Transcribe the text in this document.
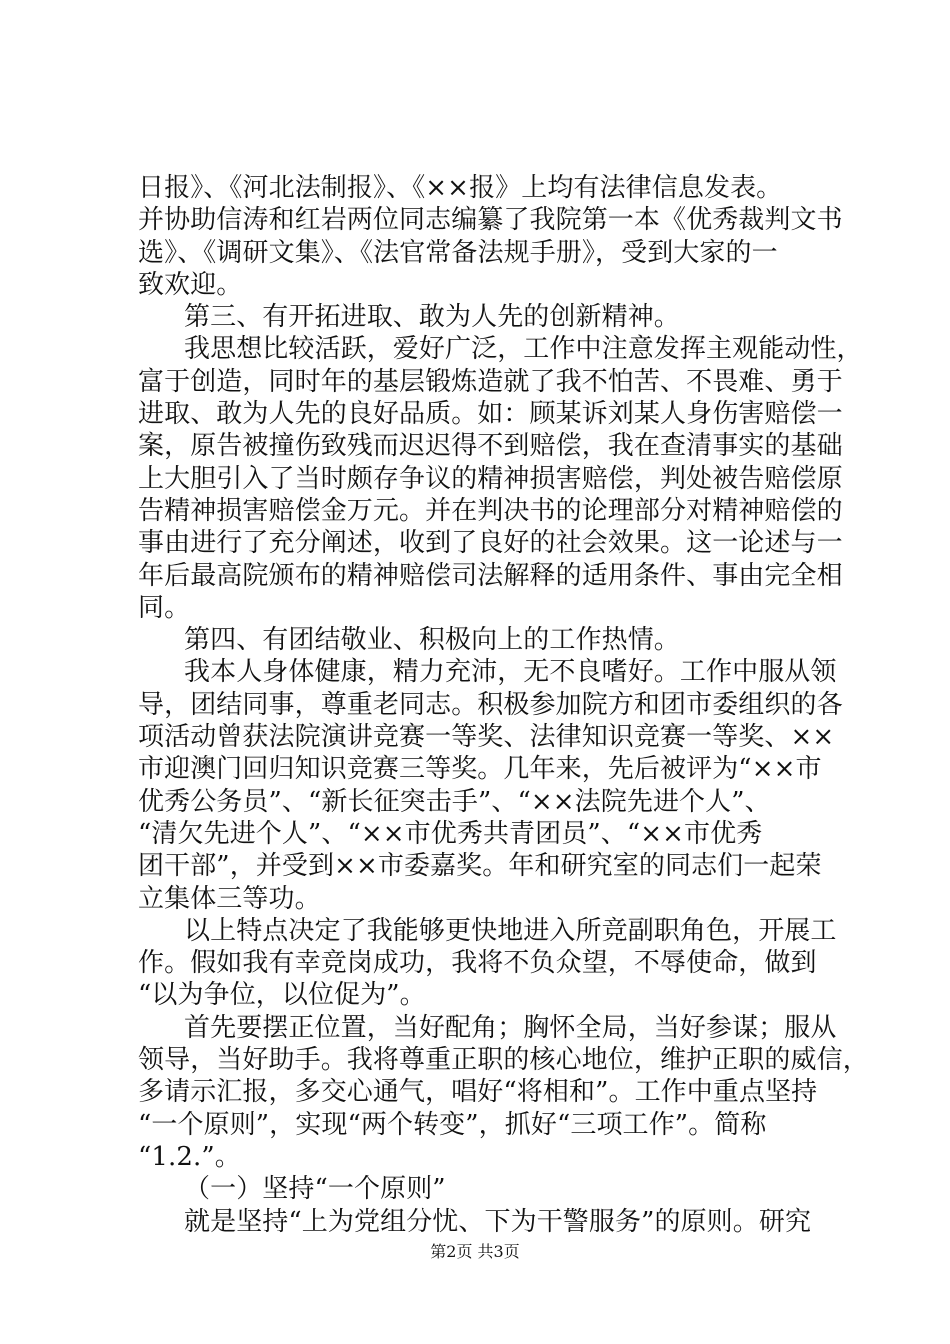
日报》、《河北法制报》、《××报》上均有法律信息发表。
并协助信涛和红岩两位同志编纂了我院第一本《优秀裁判文书
选》、《调研文集》、《法官常备法规手册》，受到大家的一
致欢迎。
第三、有开拓进取、敢为人先的创新精神。
我思想比较活跃，爱好广泛，工作中注意发挥主观能动性，
富于创造，同时年的基层锻炼造就了我不怕苦、不畏难、勇于
进取、敢为人先的良好品质。如：顾某诉刘某人身伤害赔偿一
案，原告被撞伤致残而迟迟得不到赔偿，我在查清事实的基础
上大胆引入了当时颇存争议的精神损害赔偿，判处被告赔偿原
告精神损害赔偿金万元。并在判决书的论理部分对精神赔偿的
事由进行了充分阐述，收到了良好的社会效果。这一论述与一
年后最高院颁布的精神赔偿司法解释的适用条件、事由完全相
同。
第四、有团结敬业、积极向上的工作热情。
我本人身体健康，精力充沛，无不良嗜好。工作中服从领
导，团结同事，尊重老同志。积极参加院方和团市委组织的各
项活动曾获法院演讲竞赛一等奖、法律知识竞赛一等奖、××
市迎澳门回归知识竞赛三等奖。几年来，先后被评为“××市
优秀公务员”、“新长征突击手”、“××法院先进个人”、
“清欠先进个人”、“××市优秀共青团员”、“××市优秀
团干部”，并受到××市委嘉奖。年和研究室的同志们一起荣
立集体三等功。
以上特点决定了我能够更快地进入所竞副职角色，开展工
作。假如我有幸竞岗成功，我将不负众望，不辱使命，做到
“以为争位，以位促为”。
首先要摆正位置，当好配角；胸怀全局，当好参谋；服从
领导，当好助手。我将尊重正职的核心地位，维护正职的威信，
多请示汇报，多交心通气，唱好“将相和”。工作中重点坚持
“一个原则”，实现“两个转变”，抓好“三项工作”。简称
“1.2.”。
（一）坚持“一个原则”
就是坚持“上为党组分忧、下为干警服务”的原则。研究
第2页 共3页
